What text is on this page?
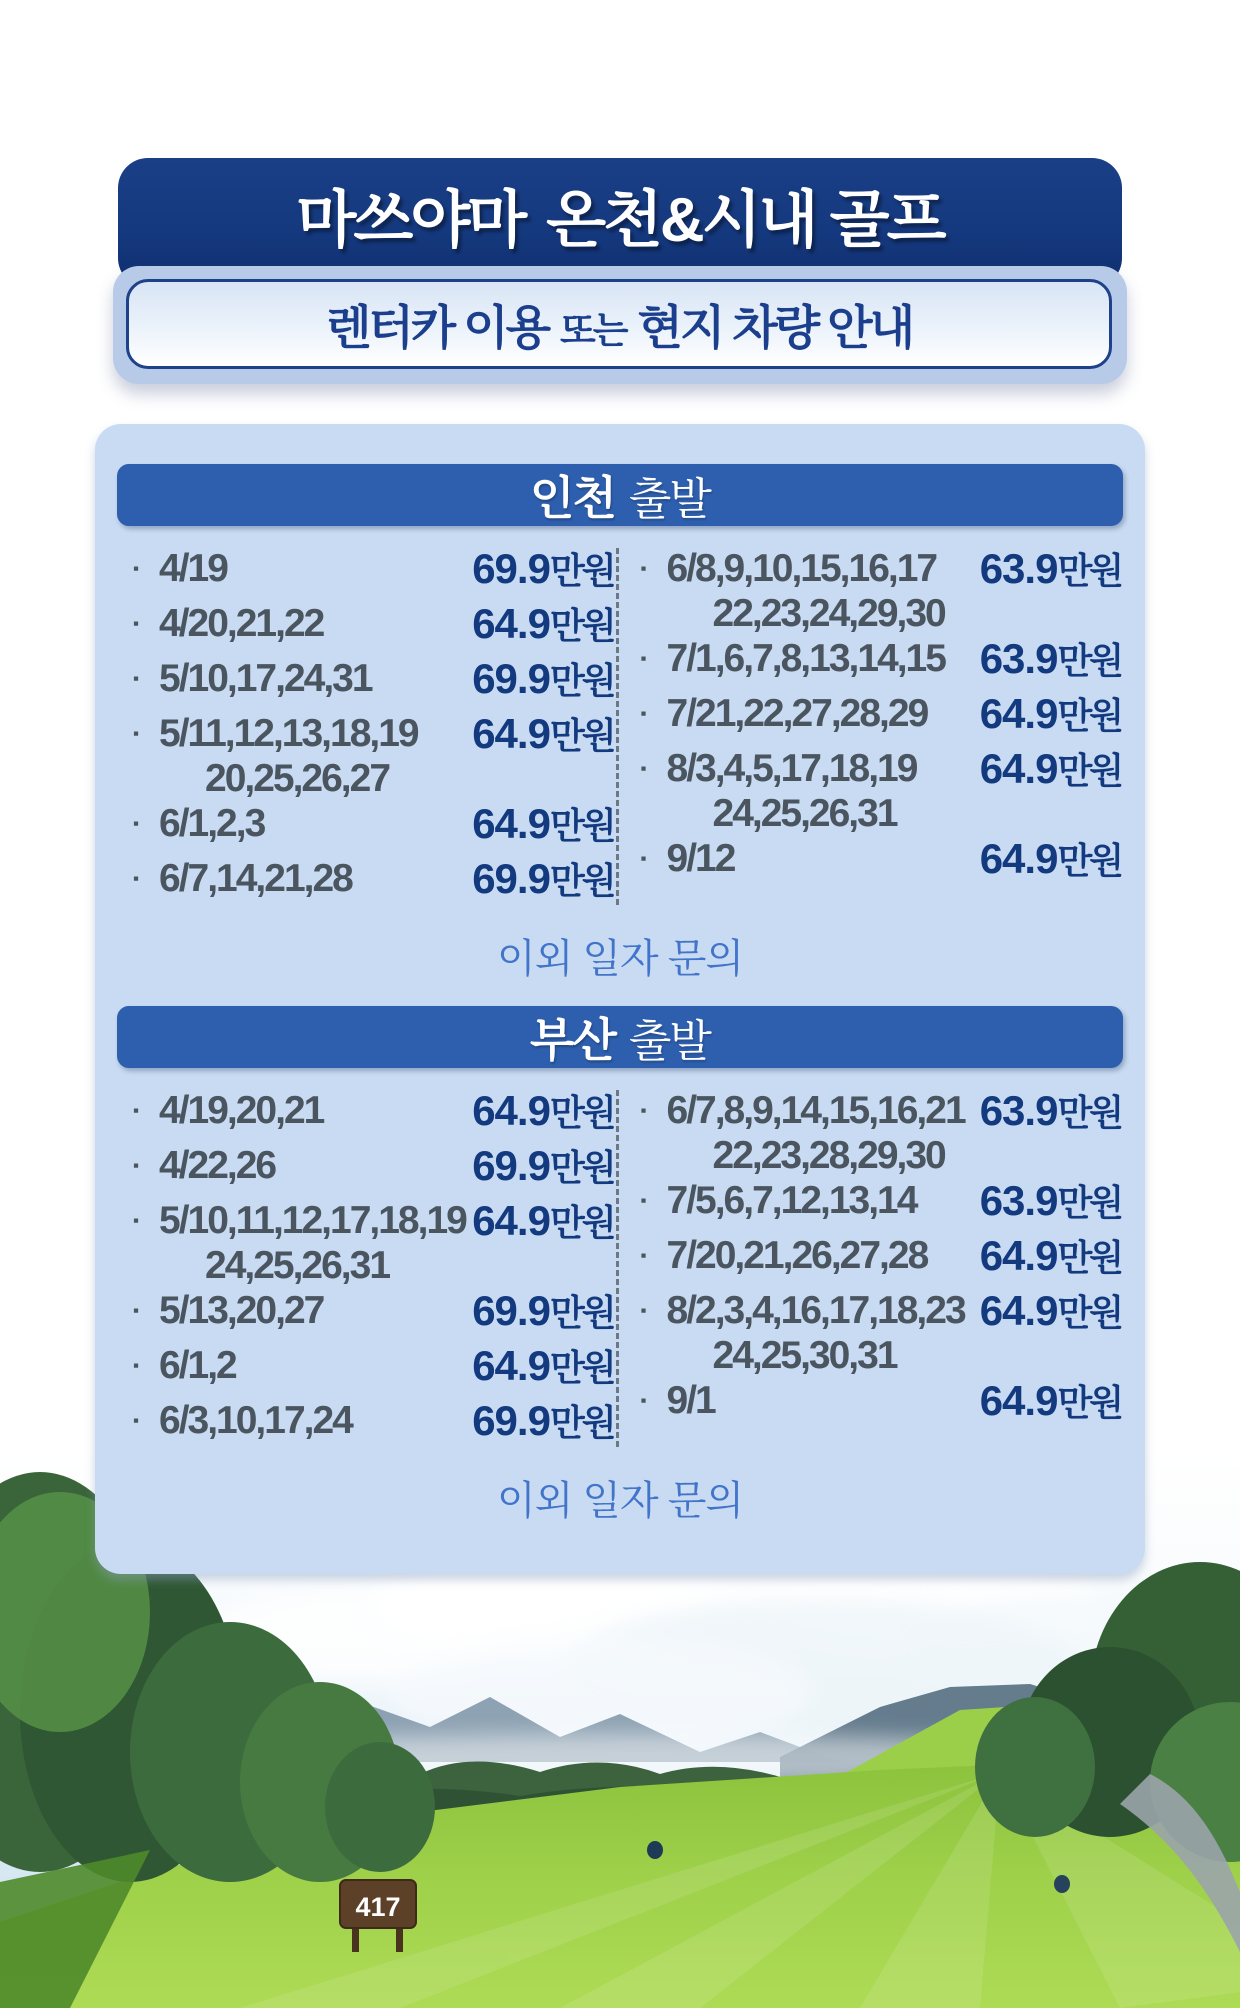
마쓰야마 온천&시내 골프
렌터카 이용 또는 현지 차량 안내
인천 출발
▪ 4/19	69.9만원
▪ 4/20,21,22	64.9만원
▪ 5/10,17,24,31	69.9만원
▪ 5/11,12,13,18,19
20,25,26,27
64.9만원
▪ 6/1,2,3	64.9만원
▪ 6/7,14,21,28	69.9만원
▪ 6/8,9,10,15,16,17
22,23,24,29,30
63.9만원
▪ 7/1,6,7,8,13,14,15 63.9만원
▪ 7/21,22,27,28,29	64.9만원
▪ 8/3,4,5,17,18,19
24,25,26,31
64.9만원
▪ 9/12	64.9만원
이외 일자 문의
부산 출발
▪ 4/19,20,21	64.9만원
▪ 4/22,26	69.9만원
▪ 5/10,11,12,17,18,19
24,25,26,31
64.9만원
▪ 5/13,20,27	69.9만원
▪ 6/1,2	64.9만원
▪ 6/3,10,17,24	69.9만원
▪ 6/7,8,9,14,15,16,21
22,23,28,29,30
63.9만원
▪ 7/5,6,7,12,13,14	63.9만원
▪ 7/20,21,26,27,28	64.9만원
▪ 8/2,3,4,16,17,18,23
24,25,30,31
64.9만원
▪ 9/1	64.9만원
이외 일자 문의
417
